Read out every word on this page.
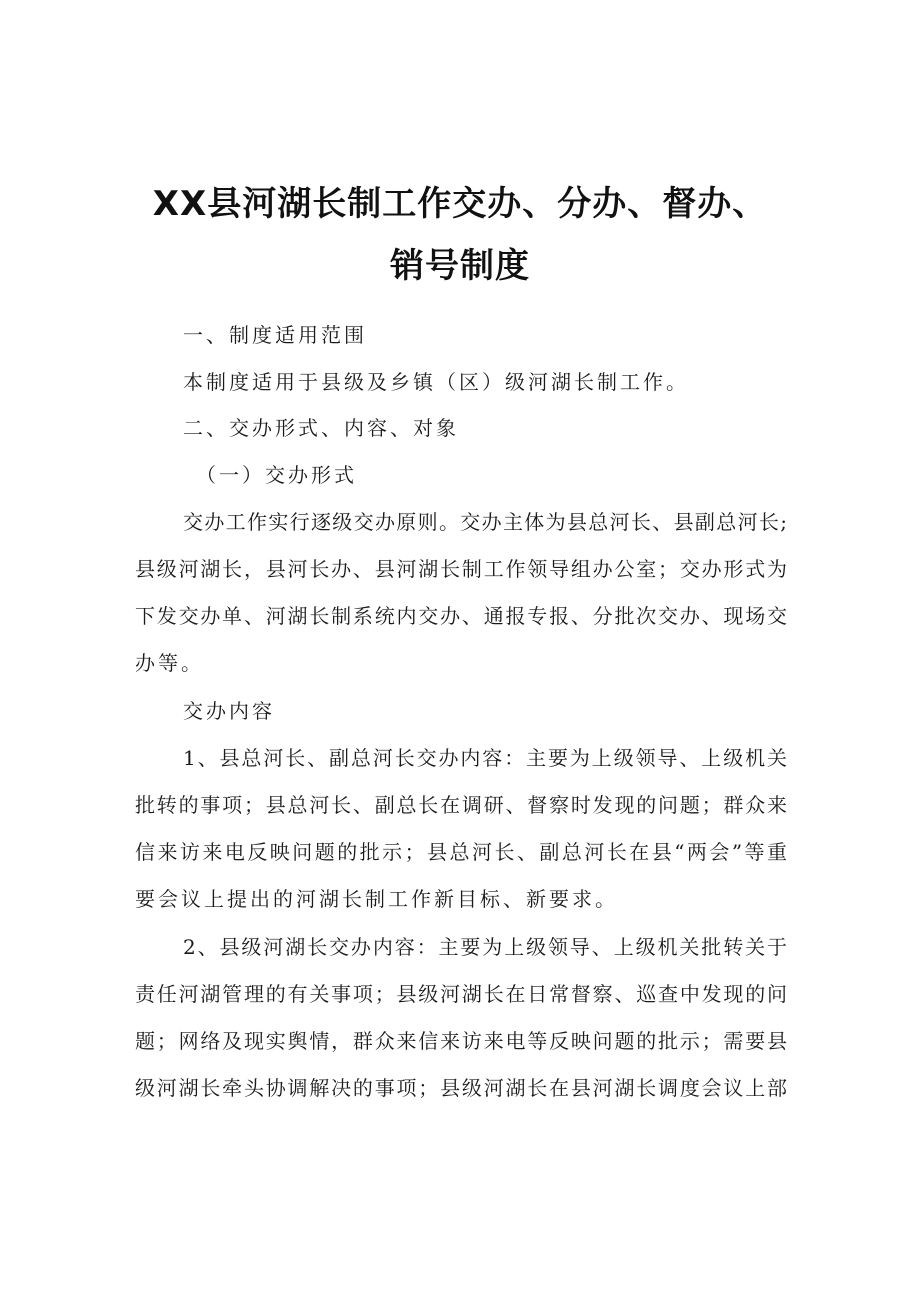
XX县河湖长制工作交办、分办、督办、
销号制度
一、制度适用范围
本制度适用于县级及乡镇（区）级河湖长制工作。
二、交办形式、内容、对象
（一）交办形式
交办工作实行逐级交办原则。交办主体为县总河长、县副总河长;
县级河湖长，县河长办、县河湖长制工作领导组办公室；交办形式为
下发交办单、河湖长制系统内交办、通报专报、分批次交办、现场交
办等。
交办内容
1、县总河长、副总河长交办内容：主要为上级领导、上级机关
批转的事项；县总河长、副总长在调研、督察时发现的问题；群众来
信来访来电反映问题的批示；县总河长、副总河长在县“两会”等重
要会议上提出的河湖长制工作新目标、新要求。
2、县级河湖长交办内容：主要为上级领导、上级机关批转关于
责任河湖管理的有关事项；县级河湖长在日常督察、巡查中发现的问
题；网络及现实舆情，群众来信来访来电等反映问题的批示；需要县
级河湖长牵头协调解决的事项；县级河湖长在县河湖长调度会议上部
